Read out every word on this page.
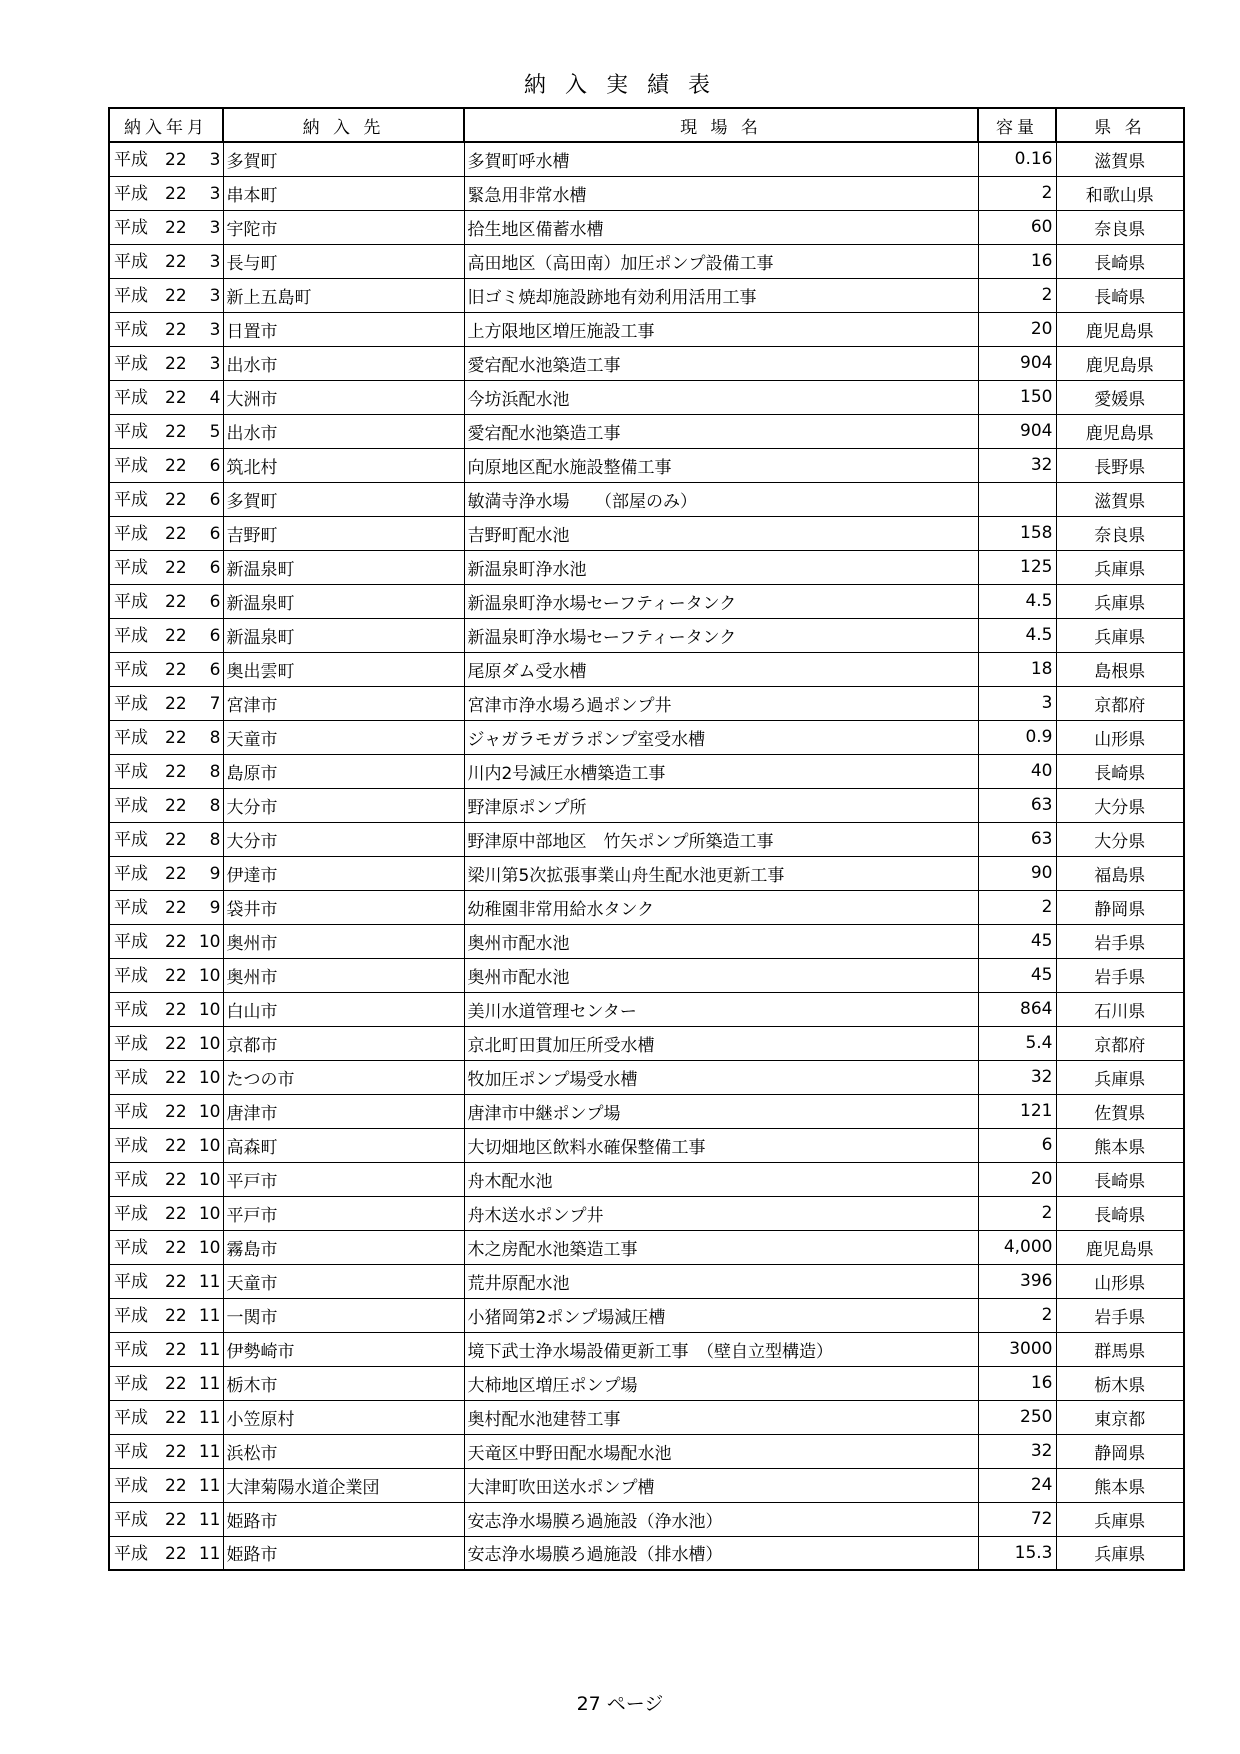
納 入 実 績 表
納入年月	納 入 先	現 場 名	容量	県 名

平成 22 3	多賀町	多賀町呼水槽	0.16	滋賀県

平成 22 3	串本町	緊急用非常水槽	2	和歌山県

平成 22 3	宇陀市	拾生地区備蓄水槽	60	奈良県

平成 22 3	長与町	高田地区（高田南）加圧ポンプ設備工事	16	長崎県

平成 22 3	新上五島町	旧ゴミ焼却施設跡地有効利用活用工事	2	長崎県

平成 22 3	日置市	上方限地区増圧施設工事	20	鹿児島県

平成 22 3	出水市	愛宕配水池築造工事	904	鹿児島県

平成 22 4	大洲市	今坊浜配水池	150	愛媛県

平成 22 5	出水市	愛宕配水池築造工事	904	鹿児島県

平成 22 6	筑北村	向原地区配水施設整備工事	32	長野県

平成 22 6	多賀町	敏満寺浄水場　　（部屋のみ）		滋賀県

平成 22 6	吉野町	吉野町配水池	158	奈良県

平成 22 6	新温泉町	新温泉町浄水池	125	兵庫県

平成 22 6	新温泉町	新温泉町浄水場セーフティータンク	4.5	兵庫県

平成 22 6	新温泉町	新温泉町浄水場セーフティータンク	4.5	兵庫県

平成 22 6	奥出雲町	尾原ダム受水槽	18	島根県

平成 22 7	宮津市	宮津市浄水場ろ過ポンプ井	3	京都府

平成 22 8	天童市	ジャガラモガラポンプ室受水槽	0.9	山形県

平成 22 8	島原市	川内2号減圧水槽築造工事	40	長崎県

平成 22 8	大分市	野津原ポンプ所	63	大分県

平成 22 8	大分市	野津原中部地区　竹矢ポンプ所築造工事	63	大分県

平成 22 9	伊達市	梁川第5次拡張事業山舟生配水池更新工事	90	福島県

平成 22 9	袋井市	幼稚園非常用給水タンク	2	静岡県

平成 22 10	奥州市	奥州市配水池	45	岩手県

平成 22 10	奥州市	奥州市配水池	45	岩手県

平成 22 10	白山市	美川水道管理センター	864	石川県

平成 22 10	京都市	京北町田貫加圧所受水槽	5.4	京都府

平成 22 10	たつの市	牧加圧ポンプ場受水槽	32	兵庫県

平成 22 10	唐津市	唐津市中継ポンプ場	121	佐賀県

平成 22 10	高森町	大切畑地区飲料水確保整備工事	6	熊本県

平成 22 10	平戸市	舟木配水池	20	長崎県

平成 22 10	平戸市	舟木送水ポンプ井	2	長崎県

平成 22 10	霧島市	木之房配水池築造工事	4,000	鹿児島県

平成 22 11	天童市	荒井原配水池	396	山形県

平成 22 11	一関市	小猪岡第2ポンプ場減圧槽	2	岩手県

平成 22 11	伊勢崎市	境下武士浄水場設備更新工事　（壁自立型構造）	3000	群馬県

平成 22 11	栃木市	大柿地区増圧ポンプ場	16	栃木県

平成 22 11	小笠原村	奥村配水池建替工事	250	東京都

平成 22 11	浜松市	天竜区中野田配水場配水池	32	静岡県

平成 22 11	大津菊陽水道企業団	大津町吹田送水ポンプ槽	24	熊本県

平成 22 11	姫路市	安志浄水場膜ろ過施設（浄水池）	72	兵庫県

平成 22 11	姫路市	安志浄水場膜ろ過施設（排水槽）	15.3	兵庫県
27 ページ
